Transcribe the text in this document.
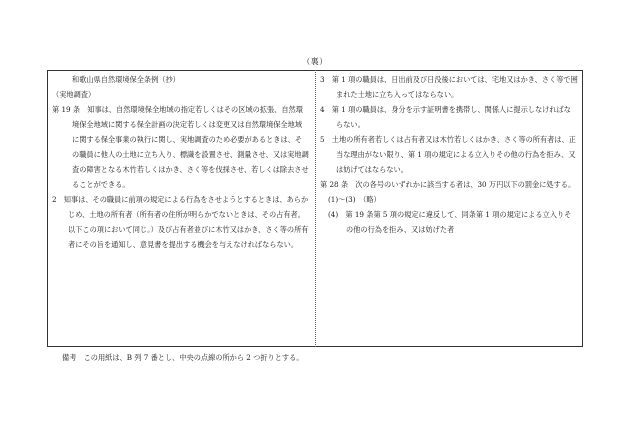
（裏）

和歌山県自然環境保全条例（抄）

（実地調査）

第 19 条　知事は、自然環境保全地域の指定若しくはその区域の拡張、自然環境保全地域に関する保全計画の決定若しくは変更又は自然環境保全地域に関する保全事業の執行に関し、実地調査のため必要があるときは、その職員に他人の土地に立ち入り、標識を設置させ、測量させ、又は実地調査の障害となる木竹若しくはかき、さく等を伐採させ、若しくは除去させることができる。

2　知事は、その職員に前項の規定による行為をさせようとするときは、あらかじめ、土地の所有者（所有者の住所が明らかでないときは、その占有者。以下この項において同じ。）及び占有者並びに木竹又はかき、さく等の所有者にその旨を通知し、意見書を提出する機会を与えなければならない。

3　第 1 項の職員は、日出前及び日没後においては、宅地又はかき、さく等で囲まれた土地に立ち入ってはならない。

4　第 1 項の職員は、身分を示す証明書を携帯し、関係人に提示しなければならない。

5　土地の所有者若しくは占有者又は木竹若しくはかき、さく等の所有者は、正当な理由がない限り、第 1 項の規定による立入りその他の行為を拒み、又は妨げてはならない。

第 28 条　次の各号のいずれかに該当する者は、30 万円以下の罰金に処する。

(1)～(3)　（略）

(4)　第 19 条第 5 項の規定に違反して、同条第 1 項の規定による立入りその他の行為を拒み、又は妨げた者

備考　この用紙は、B 列 7 番とし、中央の点線の所から 2 つ折りとする。
